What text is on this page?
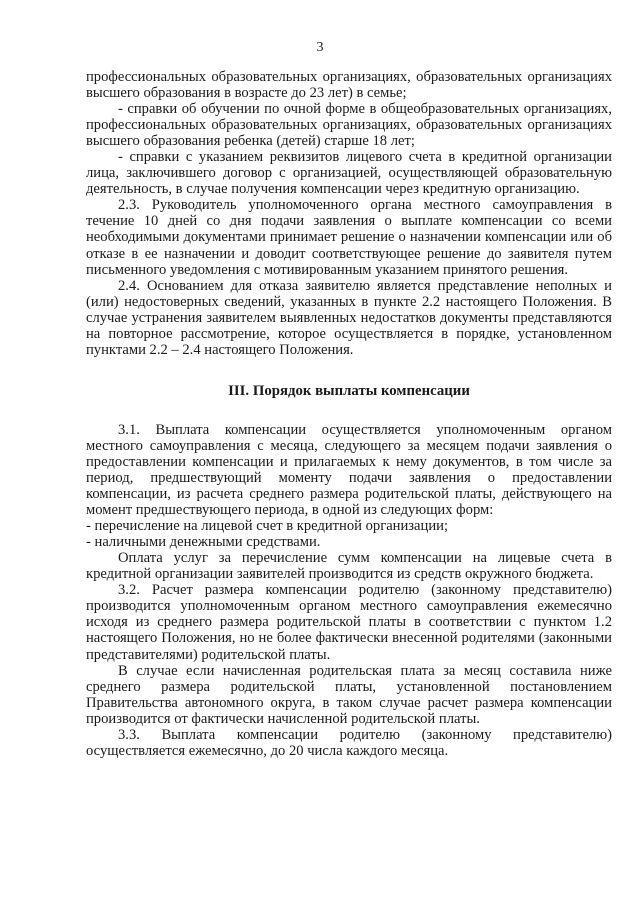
3

профессиональных образовательных организациях, образовательных организациях высшего образования в возрасте до 23 лет) в семье;

- справки об обучении по очной форме в общеобразовательных организациях, профессиональных образовательных организациях, образовательных организациях высшего образования ребенка (детей) старше 18 лет;

- справки с указанием реквизитов лицевого счета в кредитной организации лица, заключившего договор с организацией, осуществляющей образовательную деятельность, в случае получения компенсации через кредитную организацию.

2.3. Руководитель уполномоченного органа местного самоуправления в течение 10 дней со дня подачи заявления о выплате компенсации со всеми необходимыми документами принимает решение о назначении компенсации или об отказе в ее назначении и доводит соответствующее решение до заявителя путем письменного уведомления с мотивированным указанием принятого решения.

2.4. Основанием для отказа заявителю является представление неполных и (или) недостоверных сведений, указанных в пункте 2.2 настоящего Положения. В случае устранения заявителем выявленных недостатков документы представляются на повторное рассмотрение, которое осуществляется в порядке, установленном пунктами 2.2 – 2.4 настоящего Положения.

III. Порядок выплаты компенсации

3.1. Выплата компенсации осуществляется уполномоченным органом местного самоуправления с месяца, следующего за месяцем подачи заявления о предоставлении компенсации и прилагаемых к нему документов, в том числе за период, предшествующий моменту подачи заявления о предоставлении компенсации, из расчета среднего размера родительской платы, действующего на момент предшествующего периода, в одной из следующих форм:

- перечисление на лицевой счет в кредитной организации;

- наличными денежными средствами.

Оплата услуг за перечисление сумм компенсации на лицевые счета в кредитной организации заявителей производится из средств окружного бюджета.

3.2. Расчет размера компенсации родителю (законному представителю) производится уполномоченным органом местного самоуправления ежемесячно исходя из среднего размера родительской платы в соответствии с пунктом 1.2 настоящего Положения, но не более фактически внесенной родителями (законными представителями) родительской платы.

В случае если начисленная родительская плата за месяц составила ниже среднего размера родительской платы, установленной постановлением Правительства автономного округа, в таком случае расчет размера компенсации производится от фактически начисленной родительской платы.

3.3. Выплата компенсации родителю (законному представителю) осуществляется ежемесячно, до 20 числа каждого месяца.
